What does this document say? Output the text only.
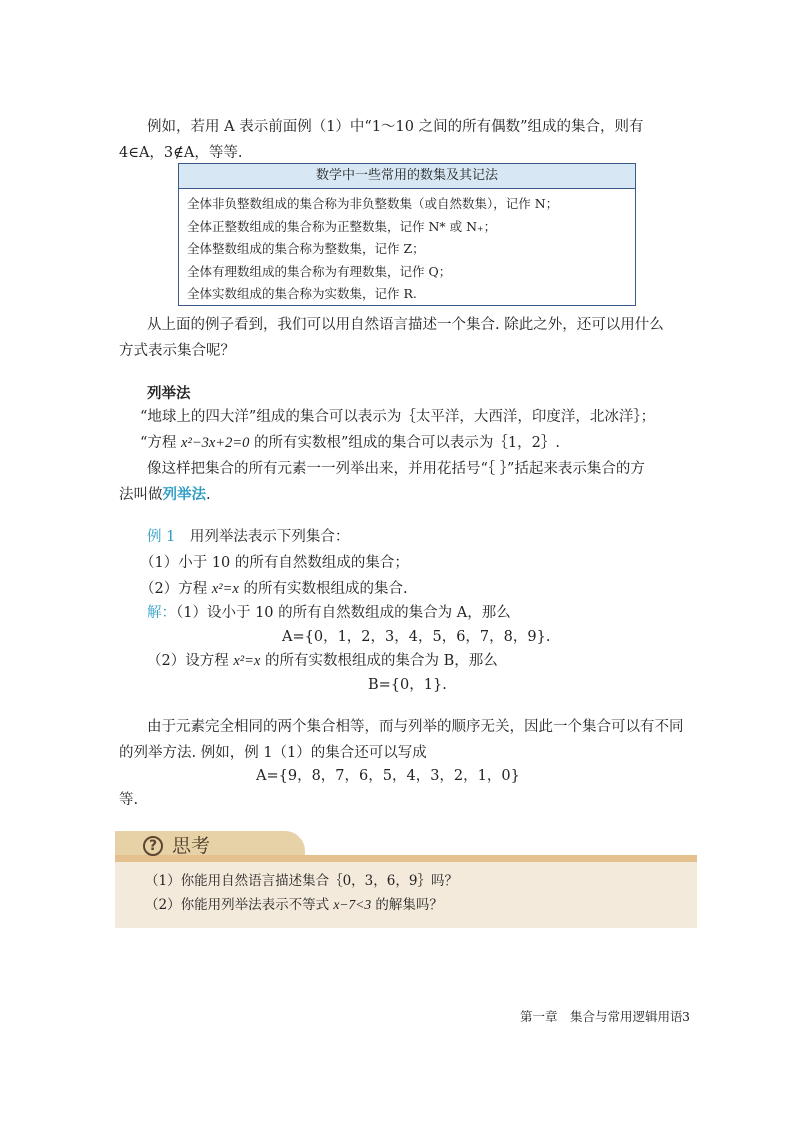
例如，若用 A 表示前面例（1）中“1～10 之间的所有偶数”组成的集合，则有
4∈A，3∉A，等等.
数学中一些常用的数集及其记法
全体非负整数组成的集合称为非负整数集（或自然数集），记作 N；
全体正整数组成的集合称为正整数集，记作 N* 或 N₊；
全体整数组成的集合称为整数集，记作 Z；
全体有理数组成的集合称为有理数集，记作 Q；
全体实数组成的集合称为实数集，记作 R.
从上面的例子看到，我们可以用自然语言描述一个集合. 除此之外，还可以用什么
方式表示集合呢？
列举法
“地球上的四大洋”组成的集合可以表示为｛太平洋，大西洋，印度洋，北冰洋｝；
“方程 x²−3x+2=0 的所有实数根”组成的集合可以表示为｛1，2｝.
像这样把集合的所有元素一一列举出来，并用花括号“｛ ｝”括起来表示集合的方
法叫做列举法.
例 1　 用列举法表示下列集合：
（1）小于 10 的所有自然数组成的集合；
（2）方程 x²=x 的所有实数根组成的集合.
解：（1）设小于 10 的所有自然数组成的集合为 A，那么
A={0，1，2，3，4，5，6，7，8，9}.
（2）设方程 x²=x 的所有实数根组成的集合为 B，那么
B={0，1}.
由于元素完全相同的两个集合相等，而与列举的顺序无关，因此一个集合可以有不同
的列举方法. 例如，例 1（1）的集合还可以写成
A={9，8，7，6，5，4，3，2，1，0}
等.
? 思考
（1）你能用自然语言描述集合｛0，3，6，9｝吗？
（2）你能用列举法表示不等式 x−7<3 的解集吗？
第一章　集合与常用逻辑用语 3
